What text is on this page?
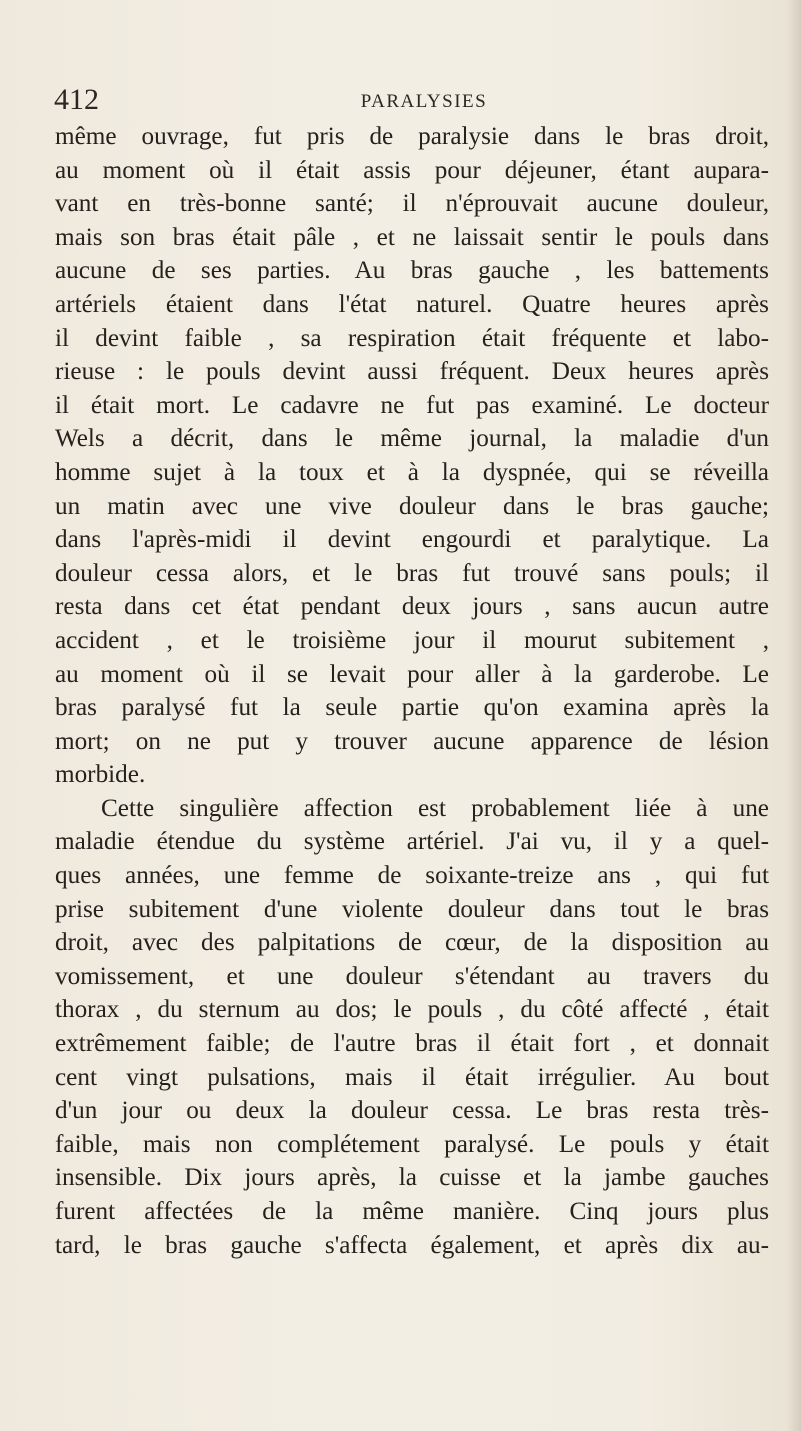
412	PARALYSIES
même ouvrage, fut pris de paralysie dans le bras droit,
au moment où il était assis pour déjeuner, étant aupara-
vant en très-bonne santé; il n'éprouvait aucune douleur,
mais son bras était pâle , et ne laissait sentir le pouls dans
aucune de ses parties. Au bras gauche , les battements
artériels étaient dans l'état naturel. Quatre heures après
il devint faible , sa respiration était fréquente et labo-
rieuse : le pouls devint aussi fréquent. Deux heures après
il était mort. Le cadavre ne fut pas examiné. Le docteur
Wels a décrit, dans le même journal, la maladie d'un
homme sujet à la toux et à la dyspnée, qui se réveilla
un matin avec une vive douleur dans le bras gauche;
dans l'après-midi il devint engourdi et paralytique. La
douleur cessa alors, et le bras fut trouvé sans pouls; il
resta dans cet état pendant deux jours , sans aucun autre
accident , et le troisième jour il mourut subitement ,
au moment où il se levait pour aller à la garderobe. Le
bras paralysé fut la seule partie qu'on examina après la
mort; on ne put y trouver aucune apparence de lésion
morbide.
Cette singulière affection est probablement liée à une
maladie étendue du système artériel. J'ai vu, il y a quel-
ques années, une femme de soixante-treize ans , qui fut
prise subitement d'une violente douleur dans tout le bras
droit, avec des palpitations de cœur, de la disposition au
vomissement, et une douleur s'étendant au travers du
thorax , du sternum au dos; le pouls , du côté affecté , était
extrêmement faible; de l'autre bras il était fort , et donnait
cent vingt pulsations, mais il était irrégulier. Au bout
d'un jour ou deux la douleur cessa. Le bras resta très-
faible, mais non complétement paralysé. Le pouls y était
insensible. Dix jours après, la cuisse et la jambe gauches
furent affectées de la même manière. Cinq jours plus
tard, le bras gauche s'affecta également, et après dix au-
